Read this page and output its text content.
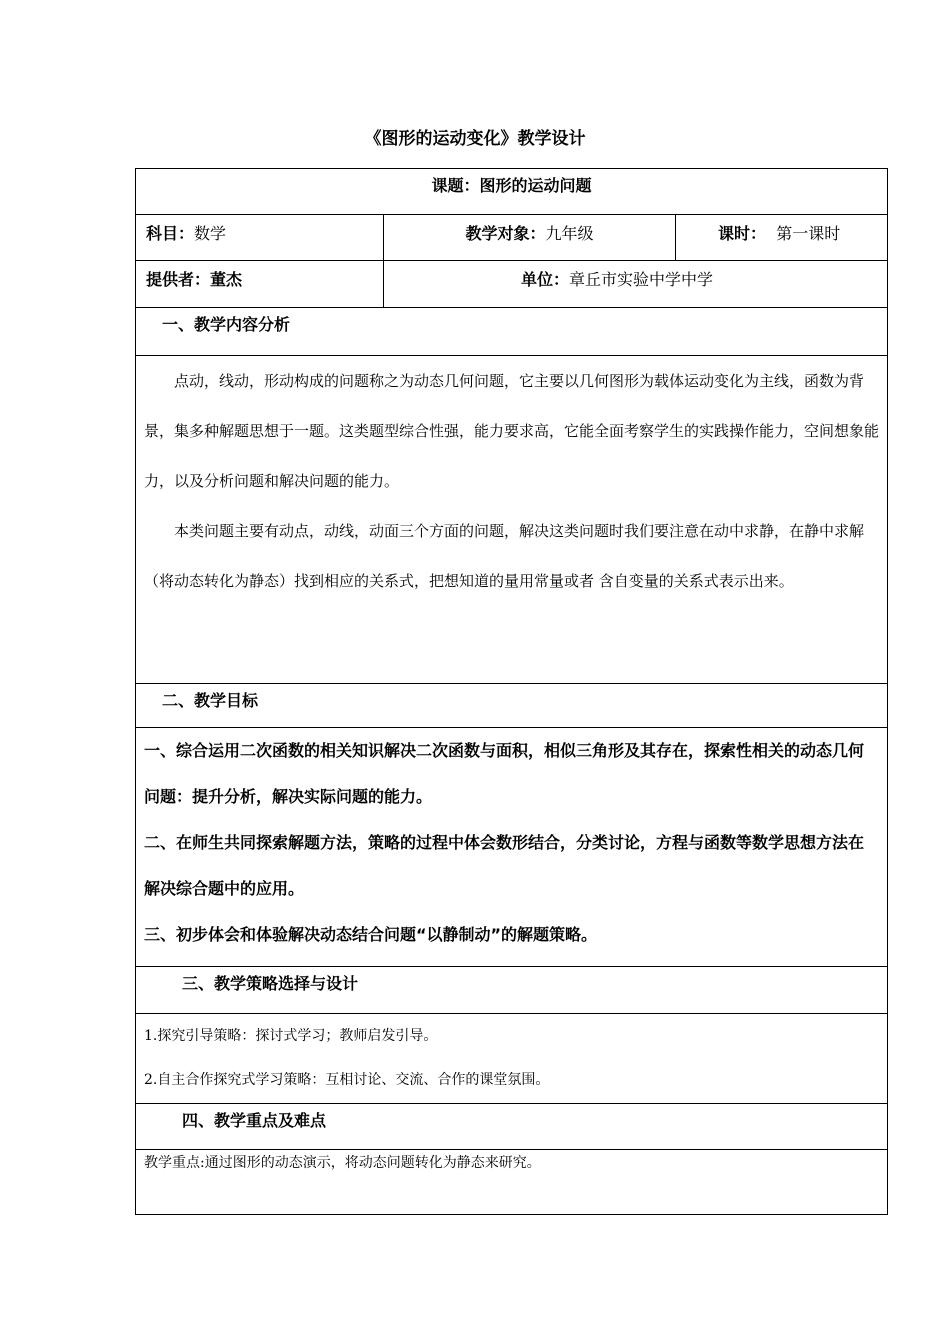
《图形的运动变化》教学设计
课题：图形的运动问题		
科目：数学	教学对象：九年级	课时： 第一课时
提供者：董杰	单位：章丘市实验中学中学	
一、教学内容分析		

点动，线动，形动构成的问题称之为动态几何问题，它主要以几何图形为载体运动变化为主线，函数为背景，集多种解题思想于一题。这类题型综合性强，能力要求高，它能全面考察学生的实践操作能力，空间想象能力，以及分析问题和解决问题的能力。

本类问题主要有动点，动线，动面三个方面的问题，解决这类问题时我们要注意在动中求静，在静中求解（将动态转化为静态）找到相应的关系式，把想知道的量用常量或者 含自变量的关系式表示出来。		

二、教学目标		

一、综合运用二次函数的相关知识解决二次函数与面积，相似三角形及其存在，探索性相关的动态几何问题：提升分析，解决实际问题的能力。

二、在师生共同探索解题方法，策略的过程中体会数形结合，分类讨论，方程与函数等数学思想方法在解决综合题中的应用。

三、初步体会和体验解决动态结合问题“以静制动”的解题策略。		

三、教学策略选择与设计		

1.探究引导策略：探讨式学习；教师启发引导。

2.自主合作探究式学习策略：互相讨论、交流、合作的课堂氛围。		

四、教学重点及难点		

教学重点:通过图形的动态演示，将动态问题转化为静态来研究。		
